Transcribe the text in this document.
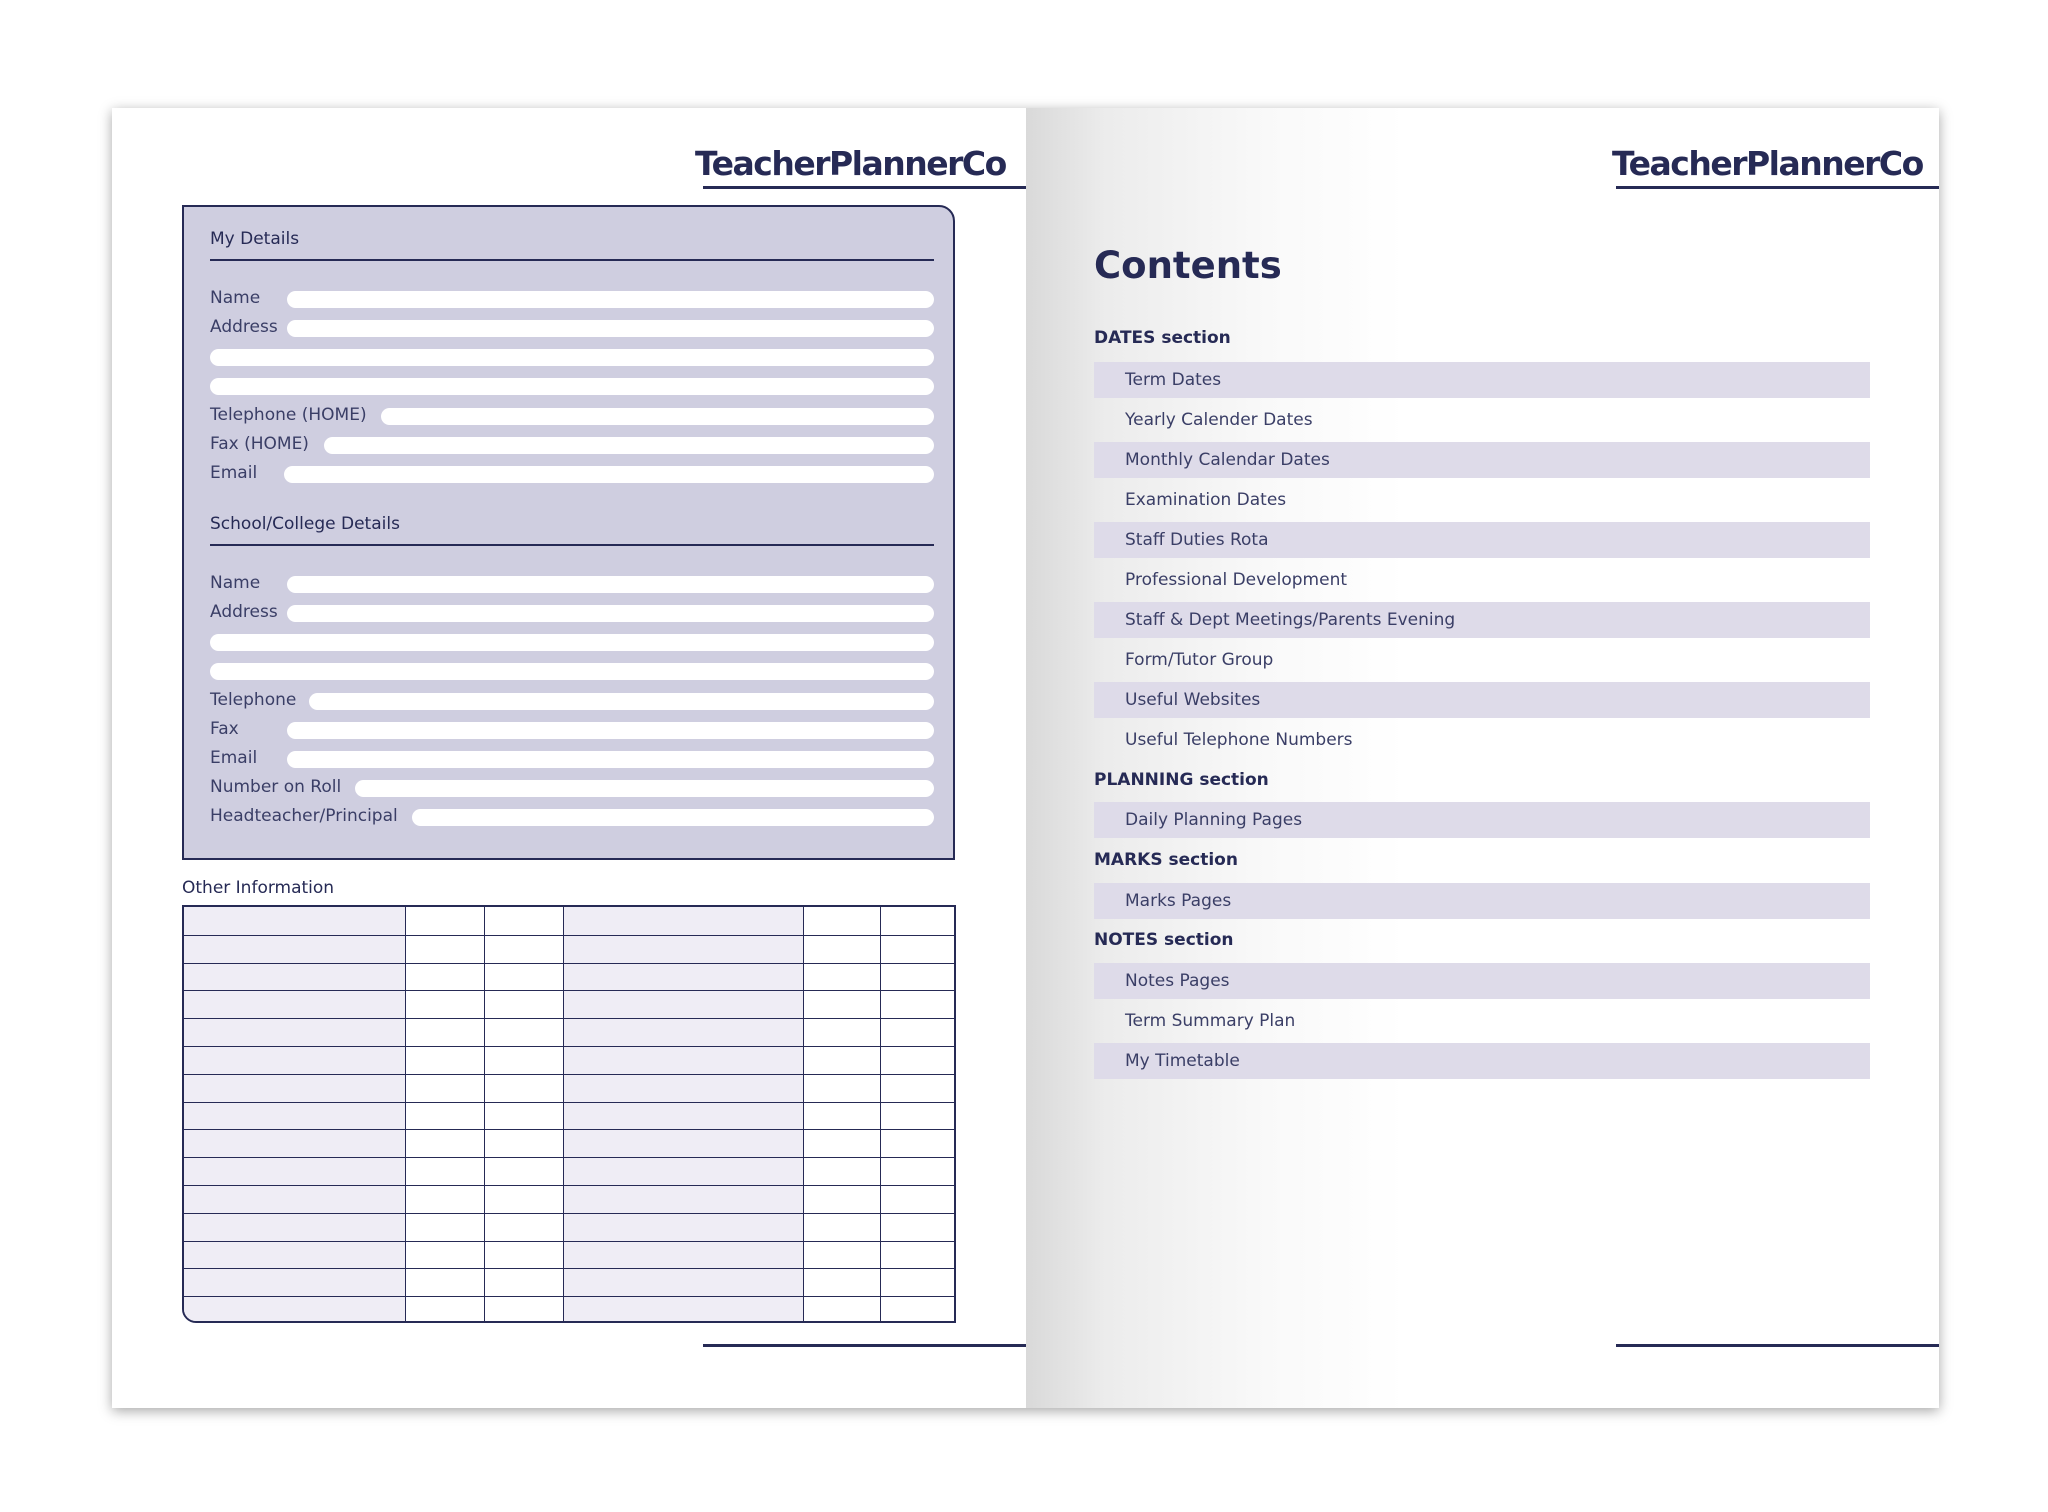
TeacherPlannerCo
My Details
Name
Address
Telephone (HOME)
Fax (HOME)
Email
School/College Details
Name
Address
Telephone
Fax
Email
Number on Roll
Headteacher/Principal
Other Information
TeacherPlannerCo
Contents
DATES section
Term Dates
Yearly Calender Dates
Monthly Calendar Dates
Examination Dates
Staff Duties Rota
Professional Development
Staff & Dept Meetings/Parents Evening
Form/Tutor Group
Useful Websites
Useful Telephone Numbers
PLANNING section
Daily Planning Pages
MARKS section
Marks Pages
NOTES section
Notes Pages
Term Summary Plan
My Timetable
